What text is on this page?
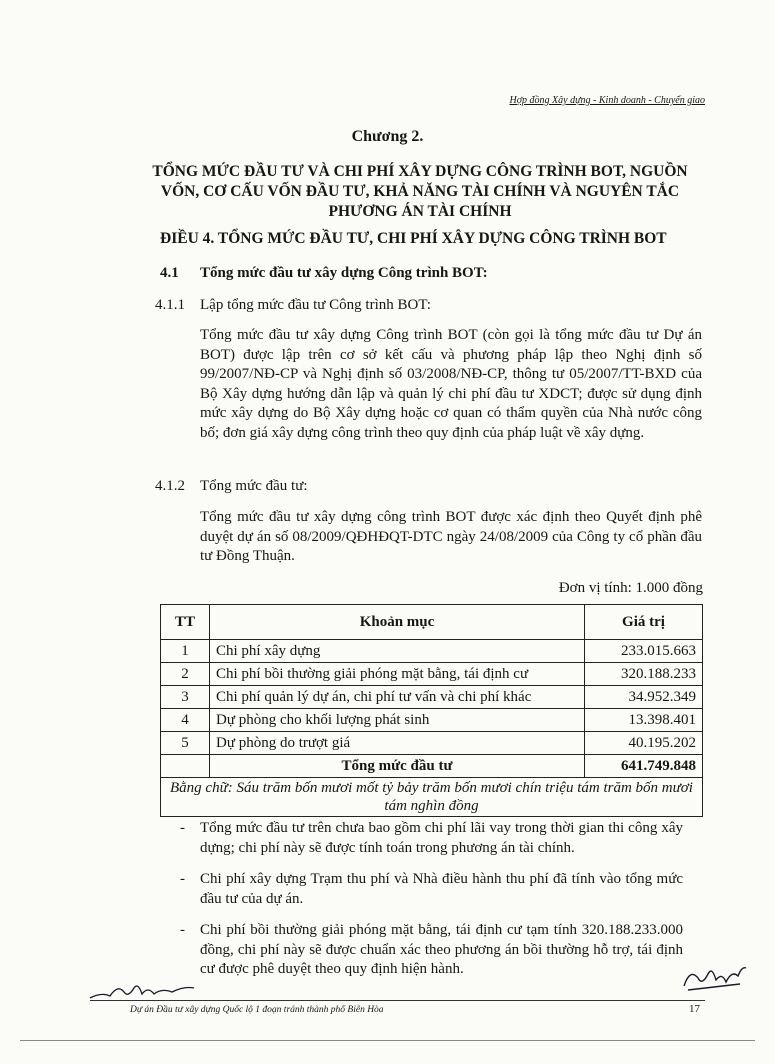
Hợp đồng Xây dựng - Kinh doanh - Chuyển giao
Chương 2.
TỔNG MỨC ĐẦU TƯ VÀ CHI PHÍ XÂY DỰNG CÔNG TRÌNH BOT, NGUỒN VỐN, CƠ CẤU VỐN ĐẦU TƯ, KHẢ NĂNG TÀI CHÍNH VÀ NGUYÊN TẮC PHƯƠNG ÁN TÀI CHÍNH
ĐIỀU 4. TỔNG MỨC ĐẦU TƯ, CHI PHÍ XÂY DỰNG CÔNG TRÌNH BOT
4.1 Tổng mức đầu tư xây dựng Công trình BOT:
4.1.1 Lập tổng mức đầu tư Công trình BOT:
Tổng mức đầu tư xây dựng Công trình BOT (còn gọi là tổng mức đầu tư Dự án BOT) được lập trên cơ sở kết cấu và phương pháp lập theo Nghị định số 99/2007/NĐ-CP và Nghị định số 03/2008/NĐ-CP, thông tư 05/2007/TT-BXD của Bộ Xây dựng hướng dẫn lập và quản lý chi phí đầu tư XDCT; được sử dụng định mức xây dựng do Bộ Xây dựng hoặc cơ quan có thẩm quyền của Nhà nước công bố; đơn giá xây dựng công trình theo quy định của pháp luật về xây dựng.
4.1.2 Tổng mức đầu tư:
Tổng mức đầu tư xây dựng công trình BOT được xác định theo Quyết định phê duyệt dự án số 08/2009/QĐHĐQT-DTC ngày 24/08/2009 của Công ty cổ phần đầu tư Đồng Thuận.
Đơn vị tính: 1.000 đồng
TT	Khoản mục	Giá trị
1	Chi phí xây dựng	233.015.663
2	Chi phí bồi thường giải phóng mặt bằng, tái định cư	320.188.233
3	Chi phí quản lý dự án, chi phí tư vấn và chi phí khác	34.952.349
4	Dự phòng cho khối lượng phát sinh	13.398.401
5	Dự phòng do trượt giá	40.195.202
	Tổng mức đầu tư	641.749.848
Bằng chữ: Sáu trăm bốn mươi mốt tỷ bảy trăm bốn mươi chín triệu tám trăm bốn mươi tám nghìn đồng		
- Tổng mức đầu tư trên chưa bao gồm chi phí lãi vay trong thời gian thi công xây dựng; chi phí này sẽ được tính toán trong phương án tài chính.
- Chi phí xây dựng Trạm thu phí và Nhà điều hành thu phí đã tính vào tổng mức đầu tư của dự án.
- Chi phí bồi thường giải phóng mặt bằng, tái định cư tạm tính 320.188.233.000 đồng, chi phí này sẽ được chuẩn xác theo phương án bồi thường hỗ trợ, tái định cư được phê duyệt theo quy định hiện hành.
Dự án Đầu tư xây dựng Quốc lộ 1 đoạn tránh thành phố Biên Hòa	17
